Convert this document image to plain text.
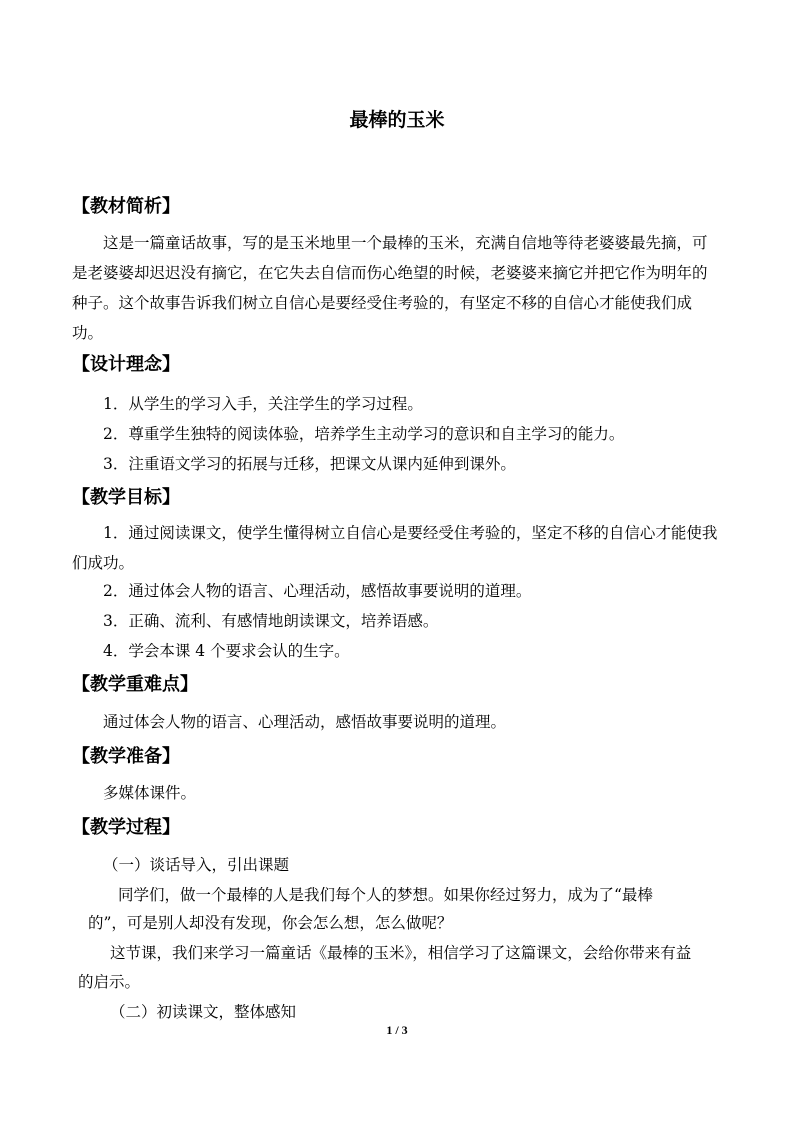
最棒的玉米
【教材简析】
这是一篇童话故事，写的是玉米地里一个最棒的玉米，充满自信地等待老婆婆最先摘，可是老婆婆却迟迟没有摘它，在它失去自信而伤心绝望的时候，老婆婆来摘它并把它作为明年的种子。这个故事告诉我们树立自信心是要经受住考验的，有坚定不移的自信心才能使我们成功。
【设计理念】
1．从学生的学习入手，关注学生的学习过程。
2．尊重学生独特的阅读体验，培养学生主动学习的意识和自主学习的能力。
3．注重语文学习的拓展与迁移，把课文从课内延伸到课外。
【教学目标】
1．通过阅读课文，使学生懂得树立自信心是要经受住考验的，坚定不移的自信心才能使我们成功。
2．通过体会人物的语言、心理活动，感悟故事要说明的道理。
3．正确、流利、有感情地朗读课文，培养语感。
4．学会本课 4 个要求会认的生字。
【教学重难点】
通过体会人物的语言、心理活动，感悟故事要说明的道理。
【教学准备】
多媒体课件。
【教学过程】
（一）谈话导入，引出课题
同学们，做一个最棒的人是我们每个人的梦想。如果你经过努力，成为了“最棒
的”，可是别人却没有发现，你会怎么想，怎么做呢？
这节课，我们来学习一篇童话《最棒的玉米》，相信学习了这篇课文，会给你带来有益
的启示。
（二）初读课文，整体感知
1 / 3
